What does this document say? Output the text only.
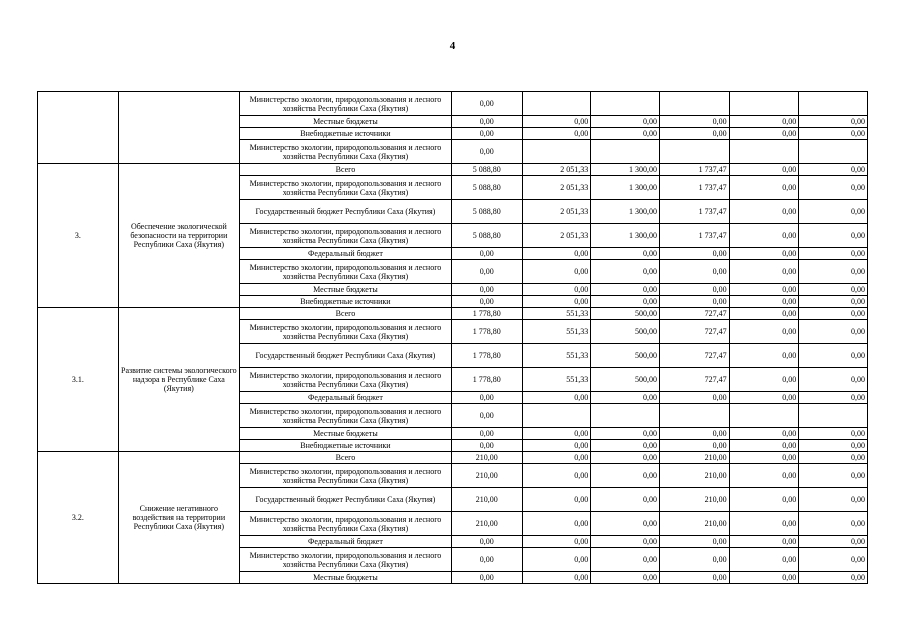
4
		Министерство экологии, природопользования и лесного хозяйства Республики Саха (Якутия)	0,00					
		Местные бюджеты	0,00	0,00	0,00	0,00	0,00	0,00
		Внебюджетные источники	0,00	0,00	0,00	0,00	0,00	0,00
		Министерство экологии, природопользования и лесного хозяйства Республики Саха (Якутия)	0,00					
3.	Обеспечение экологической безопасности на территории Республики Саха (Якутия)	Всего	5 088,80	2 051,33	1 300,00	1 737,47	0,00	0,00
		Министерство экологии, природопользования и лесного хозяйства Республики Саха (Якутия)	5 088,80	2 051,33	1 300,00	1 737,47	0,00	0,00
		Государственный бюджет Республики Саха (Якутия)	5 088,80	2 051,33	1 300,00	1 737,47	0,00	0,00
		Министерство экологии, природопользования и лесного хозяйства Республики Саха (Якутия)	5 088,80	2 051,33	1 300,00	1 737,47	0,00	0,00
		Федеральный бюджет	0,00	0,00	0,00	0,00	0,00	0,00
		Министерство экологии, природопользования и лесного хозяйства Республики Саха (Якутия)	0,00	0,00	0,00	0,00	0,00	0,00
		Местные бюджеты	0,00	0,00	0,00	0,00	0,00	0,00
		Внебюджетные источники	0,00	0,00	0,00	0,00	0,00	0,00
3.1.	Развитие системы экологического надзора в Республике Саха (Якутия)	Всего	1 778,80	551,33	500,00	727,47	0,00	0,00
		Министерство экологии, природопользования и лесного хозяйства Республики Саха (Якутия)	1 778,80	551,33	500,00	727,47	0,00	0,00
		Государственный бюджет Республики Саха (Якутия)	1 778,80	551,33	500,00	727,47	0,00	0,00
		Министерство экологии, природопользования и лесного хозяйства Республики Саха (Якутия)	1 778,80	551,33	500,00	727,47	0,00	0,00
		Федеральный бюджет	0,00	0,00	0,00	0,00	0,00	0,00
		Министерство экологии, природопользования и лесного хозяйства Республики Саха (Якутия)	0,00					
		Местные бюджеты	0,00	0,00	0,00	0,00	0,00	0,00
		Внебюджетные источники	0,00	0,00	0,00	0,00	0,00	0,00
3.2.	Снижение негативного воздействия на территории Республики Саха (Якутия)	Всего	210,00	0,00	0,00	210,00	0,00	0,00
		Министерство экологии, природопользования и лесного хозяйства Республики Саха (Якутия)	210,00	0,00	0,00	210,00	0,00	0,00
		Государственный бюджет Республики Саха (Якутия)	210,00	0,00	0,00	210,00	0,00	0,00
		Министерство экологии, природопользования и лесного хозяйства Республики Саха (Якутия)	210,00	0,00	0,00	210,00	0,00	0,00
		Федеральный бюджет	0,00	0,00	0,00	0,00	0,00	0,00
		Министерство экологии, природопользования и лесного хозяйства Республики Саха (Якутия)	0,00	0,00	0,00	0,00	0,00	0,00
		Местные бюджеты	0,00	0,00	0,00	0,00	0,00	0,00
